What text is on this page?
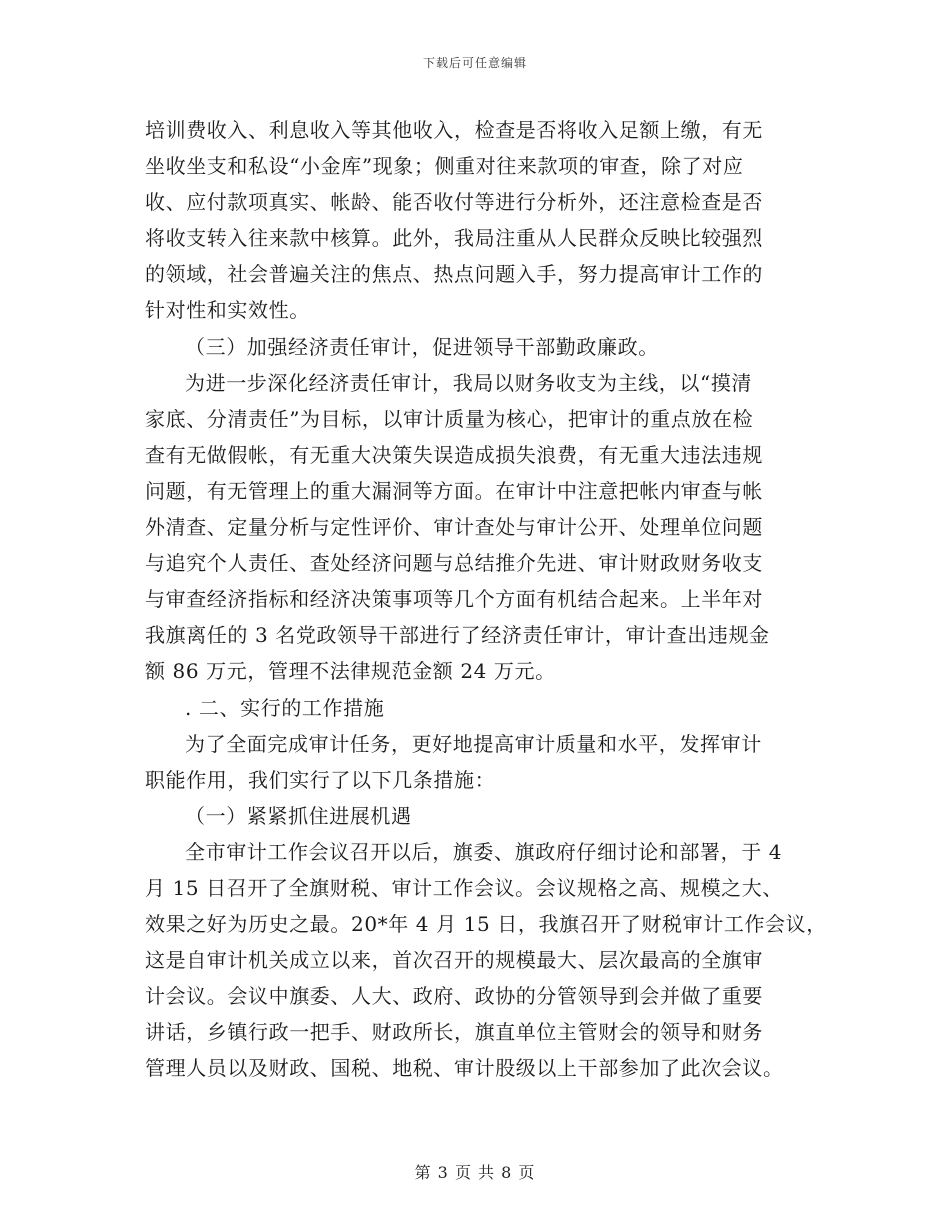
下载后可任意编辑
培训费收入、利息收入等其他收入，检查是否将收入足额上缴，有无
坐收坐支和私设“小金库”现象；侧重对往来款项的审查，除了对应
收、应付款项真实、帐龄、能否收付等进行分析外，还注意检查是否
将收支转入往来款中核算。此外，我局注重从人民群众反映比较强烈
的领域，社会普遍关注的焦点、热点问题入手，努力提高审计工作的
针对性和实效性。
（三）加强经济责任审计，促进领导干部勤政廉政。
为进一步深化经济责任审计，我局以财务收支为主线，以“摸清
家底、分清责任”为目标，以审计质量为核心，把审计的重点放在检
查有无做假帐，有无重大决策失误造成损失浪费，有无重大违法违规
问题，有无管理上的重大漏洞等方面。在审计中注意把帐内审查与帐
外清查、定量分析与定性评价、审计查处与审计公开、处理单位问题
与追究个人责任、查处经济问题与总结推介先进、审计财政财务收支
与审查经济指标和经济决策事项等几个方面有机结合起来。上半年对
我旗离任的 3 名党政领导干部进行了经济责任审计，审计查出违规金
额 86 万元，管理不法律规范金额 24 万元。
. 二、实行的工作措施
为了全面完成审计任务，更好地提高审计质量和水平，发挥审计
职能作用，我们实行了以下几条措施：
（一）紧紧抓住进展机遇
全市审计工作会议召开以后，旗委、旗政府仔细讨论和部署，于 4
月 15 日召开了全旗财税、审计工作会议。会议规格之高、规模之大、
效果之好为历史之最。20*年 4 月 15 日，我旗召开了财税审计工作会议，
这是自审计机关成立以来，首次召开的规模最大、层次最高的全旗审
计会议。会议中旗委、人大、政府、政协的分管领导到会并做了重要
讲话，乡镇行政一把手、财政所长，旗直单位主管财会的领导和财务
管理人员以及财政、国税、地税、审计股级以上干部参加了此次会议。
第 3 页 共 8 页
